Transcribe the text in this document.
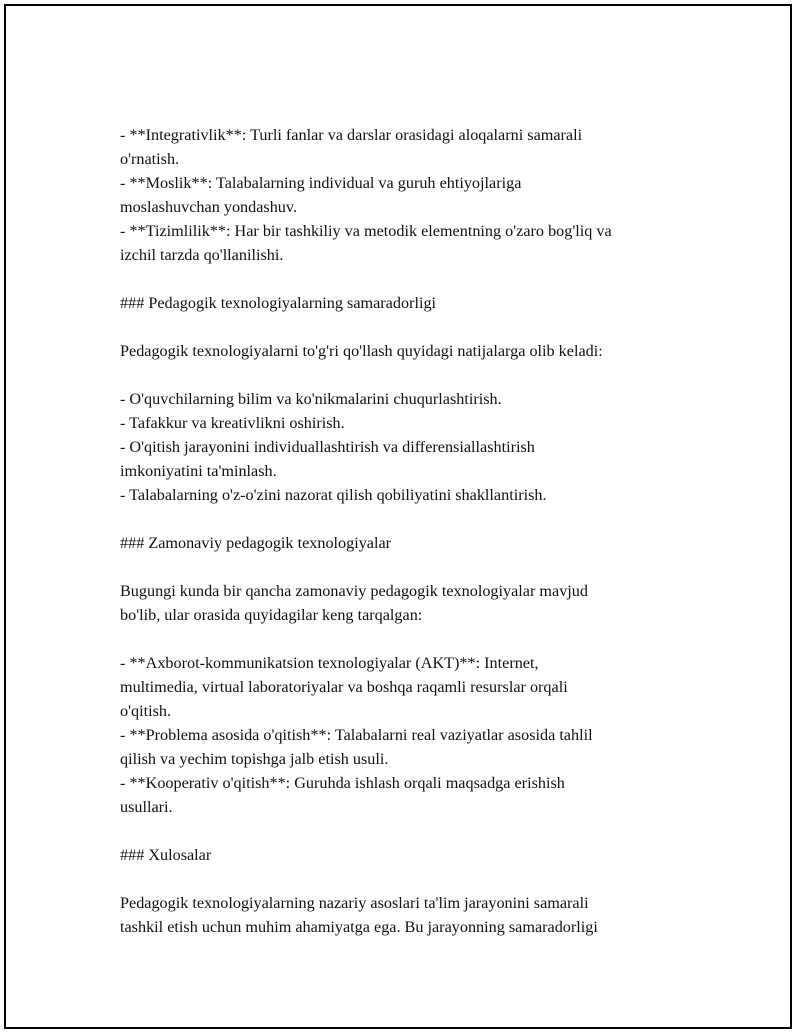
- **Integrativlik**: Turli fanlar va darslar orasidagi aloqalarni samarali
o'rnatish.
- **Moslik**: Talabalarning individual va guruh ehtiyojlariga
moslashuvchan yondashuv.
- **Tizimlilik**: Har bir tashkiliy va metodik elementning o'zaro bog'liq va
izchil tarzda qo'llanilishi.
### Pedagogik texnologiyalarning samaradorligi
Pedagogik texnologiyalarni to'g'ri qo'llash quyidagi natijalarga olib keladi:
- O'quvchilarning bilim va ko'nikmalarini chuqurlashtirish.
- Tafakkur va kreativlikni oshirish.
- O'qitish jarayonini individuallashtirish va differensiallashtirish
imkoniyatini ta'minlash.
- Talabalarning o'z-o'zini nazorat qilish qobiliyatini shakllantirish.
### Zamonaviy pedagogik texnologiyalar
Bugungi kunda bir qancha zamonaviy pedagogik texnologiyalar mavjud
bo'lib, ular orasida quyidagilar keng tarqalgan:
- **Axborot-kommunikatsion texnologiyalar (AKT)**: Internet,
multimedia, virtual laboratoriyalar va boshqa raqamli resurslar orqali
o'qitish.
- **Problema asosida o'qitish**: Talabalarni real vaziyatlar asosida tahlil
qilish va yechim topishga jalb etish usuli.
- **Kooperativ o'qitish**: Guruhda ishlash orqali maqsadga erishish
usullari.
### Xulosalar
Pedagogik texnologiyalarning nazariy asoslari ta'lim jarayonini samarali
tashkil etish uchun muhim ahamiyatga ega. Bu jarayonning samaradorligi
